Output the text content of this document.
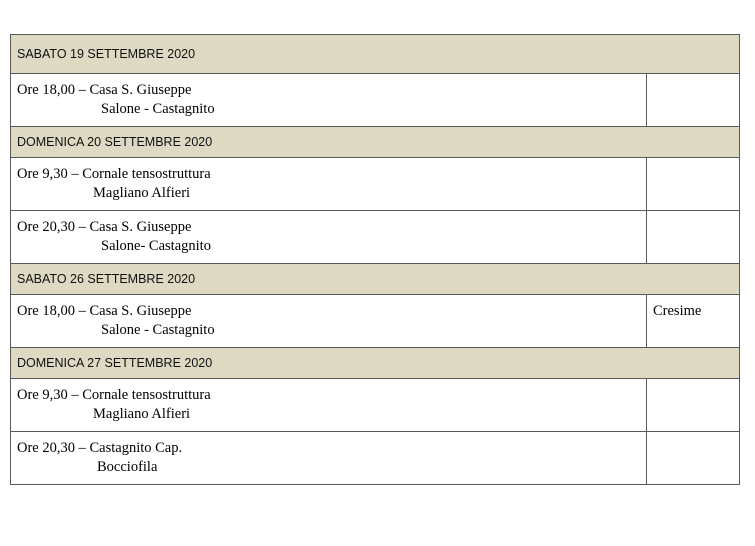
SABATO 19 SETTEMBRE 2020	

Ore 18,00 – Casa S. Giuseppe
Salone - Castagnito	

DOMENICA 20 SETTEMBRE 2020	

Ore 9,30 – Cornale tensostruttura
Magliano Alfieri	

Ore 20,30 – Casa S. Giuseppe
Salone- Castagnito	

SABATO 26 SETTEMBRE 2020	

Ore 18,00 – Casa S. Giuseppe
Salone - Castagnito	Cresime

DOMENICA 27 SETTEMBRE 2020	

Ore 9,30 – Cornale tensostruttura
Magliano Alfieri	

Ore 20,30 – Castagnito Cap.
Bocciofila	
